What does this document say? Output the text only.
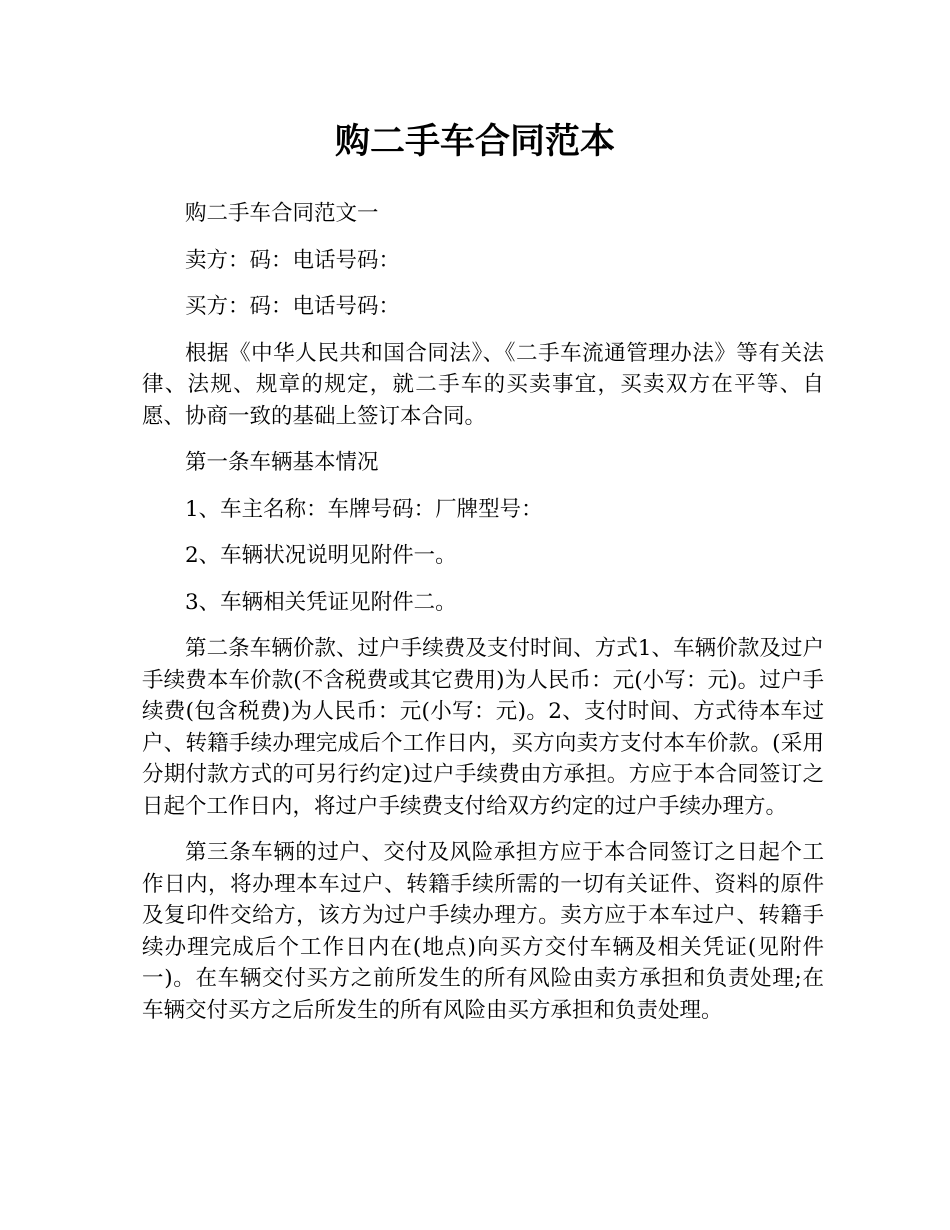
购二手车合同范本

购二手车合同范文一

卖方：码：电话号码：

买方：码：电话号码：

根据《中华人民共和国合同法》、《二手车流通管理办法》等有关法律、法规、规章的规定，就二手车的买卖事宜，买卖双方在平等、自愿、协商一致的基础上签订本合同。

第一条车辆基本情况

1、车主名称：车牌号码：厂牌型号：

2、车辆状况说明见附件一。

3、车辆相关凭证见附件二。

第二条车辆价款、过户手续费及支付时间、方式1、车辆价款及过户手续费本车价款(不含税费或其它费用)为人民币：元(小写：元)。过户手续费(包含税费)为人民币：元(小写：元)。2、支付时间、方式待本车过户、转籍手续办理完成后个工作日内，买方向卖方支付本车价款。(采用分期付款方式的可另行约定)过户手续费由方承担。方应于本合同签订之日起个工作日内，将过户手续费支付给双方约定的过户手续办理方。

第三条车辆的过户、交付及风险承担方应于本合同签订之日起个工作日内，将办理本车过户、转籍手续所需的一切有关证件、资料的原件及复印件交给方，该方为过户手续办理方。卖方应于本车过户、转籍手续办理完成后个工作日内在(地点)向买方交付车辆及相关凭证(见附件一)。在车辆交付买方之前所发生的所有风险由卖方承担和负责处理;在车辆交付买方之后所发生的所有风险由买方承担和负责处理。
